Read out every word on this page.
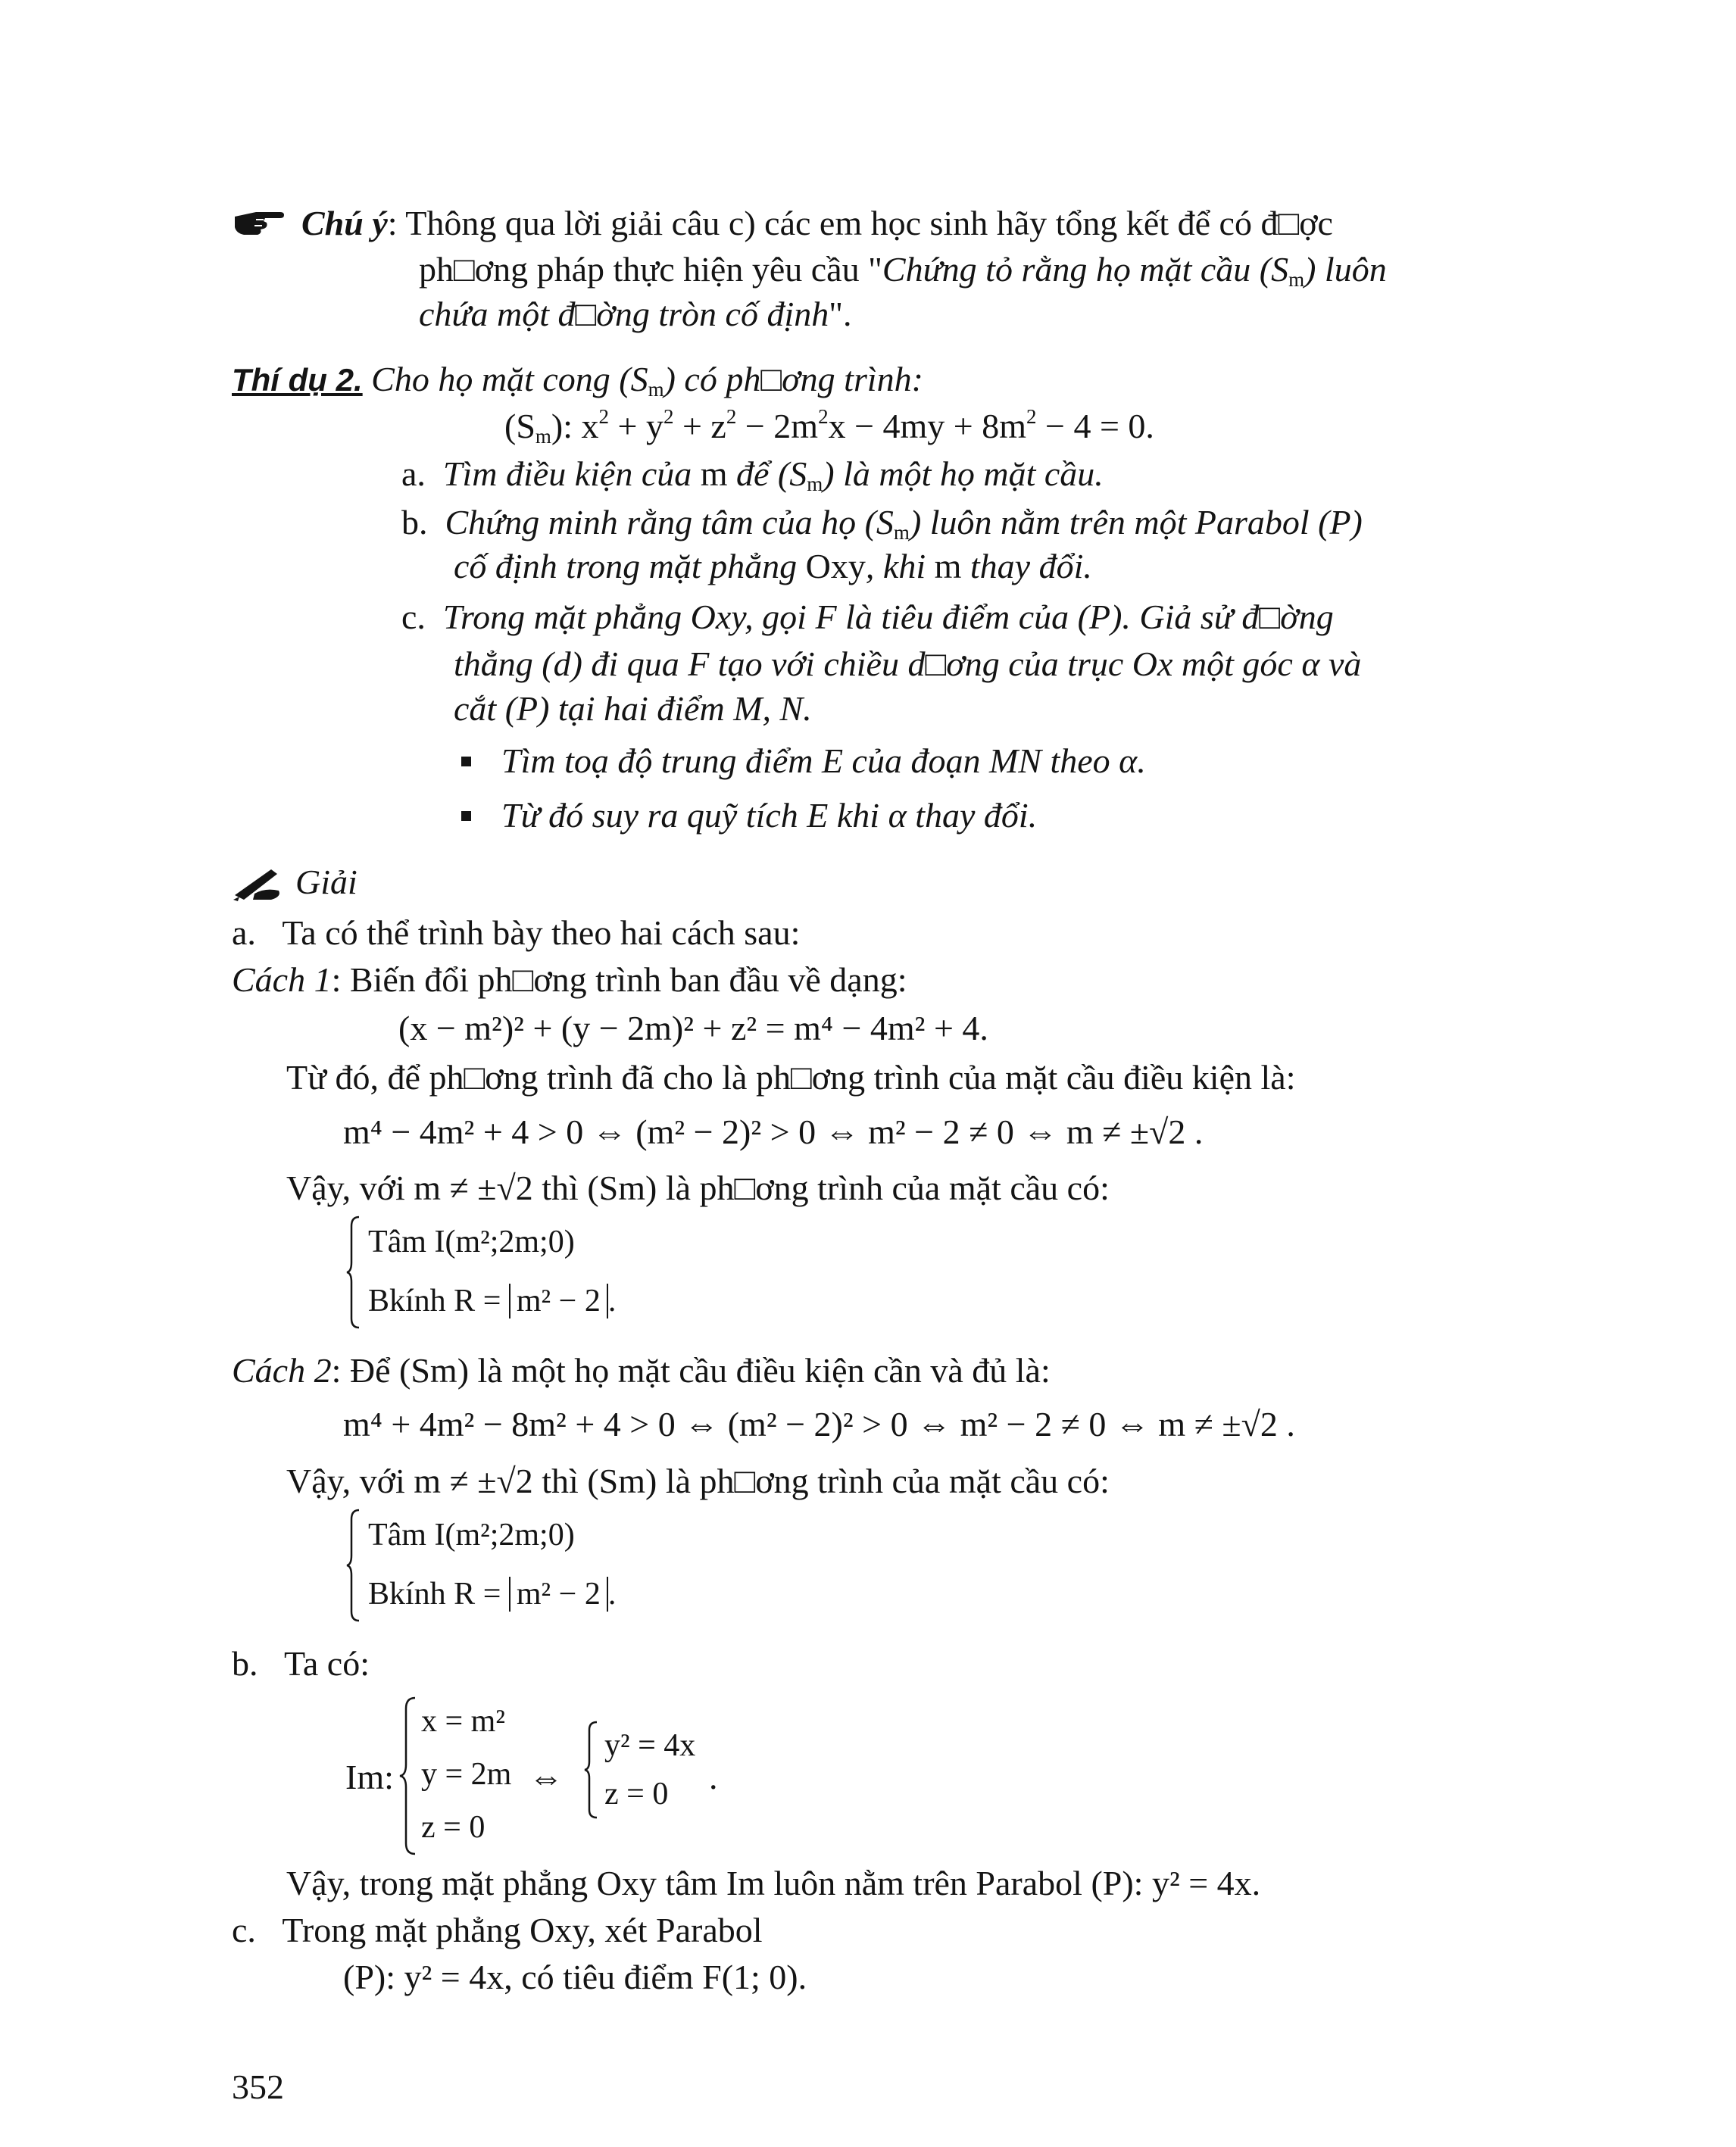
Chú ý: Thông qua lời giải câu c) các em học sinh hãy tổng kết để có đ□ợc
ph□ơng pháp thực hiện yêu cầu "Chứng tỏ rằng họ mặt cầu $(S_m)$ luôn
chứa một đ□ờng tròn cố định".
Thí dụ 2. Cho họ mặt cong $(S_m)$ có ph□ơng trình:
$(S_m)$: $x^2 + y^2 + z^2 - 2m^2x - 4my + 8m^2 - 4 = 0$.
a. Tìm điều kiện của m để $(S_m)$ là một họ mặt cầu.
b. Chứng minh rằng tâm của họ $(S_m)$ luôn nằm trên một Parabol (P)
cố định trong mặt phẳng Oxy, khi m thay đổi.
c. Trong mặt phẳng Oxy, gọi F là tiêu điểm của (P). Giả sử đ□ờng
thẳng (d) đi qua F tạo với chiều d□ơng của trục Ox một góc α và
cắt (P) tại hai điểm M, N.
Tìm toạ độ trung điểm E của đoạn MN theo α.
Từ đó suy ra quỹ tích E khi α thay đổi.
Giải
a. Ta có thể trình bày theo hai cách sau:
Cách 1: Biến đổi ph□ơng trình ban đầu về dạng:
(x − m²)² + (y − 2m)² + z² = m⁴ − 4m² + 4.
Từ đó, để ph□ơng trình đã cho là ph□ơng trình của mặt cầu điều kiện là:
m⁴ − 4m² + 4 > 0 ⇔ (m² − 2)² > 0 ⇔ m² − 2 ≠ 0 ⇔ m ≠ ±√2 .
Vậy, với m ≠ ±√2 thì (Sm) là ph□ơng trình của mặt cầu có:
Tâm I(m²;2m;0)
Bkính R = m² − 2 .
Cách 2: Để (Sm) là một họ mặt cầu điều kiện cần và đủ là:
m⁴ + 4m² − 8m² + 4 > 0 ⇔ (m² − 2)² > 0 ⇔ m² − 2 ≠ 0 ⇔ m ≠ ±√2 .
Vậy, với m ≠ ±√2 thì (Sm) là ph□ơng trình của mặt cầu có:
Tâm I(m²;2m;0)
Bkính R = m² − 2 .
b. Ta có:
Im:
x = m²
y = 2m
z = 0
⇔
y² = 4x
z = 0 .
Vậy, trong mặt phẳng Oxy tâm Im luôn nằm trên Parabol (P): y² = 4x.
c. Trong mặt phẳng Oxy, xét Parabol
(P): y² = 4x, có tiêu điểm F(1; 0).
352
